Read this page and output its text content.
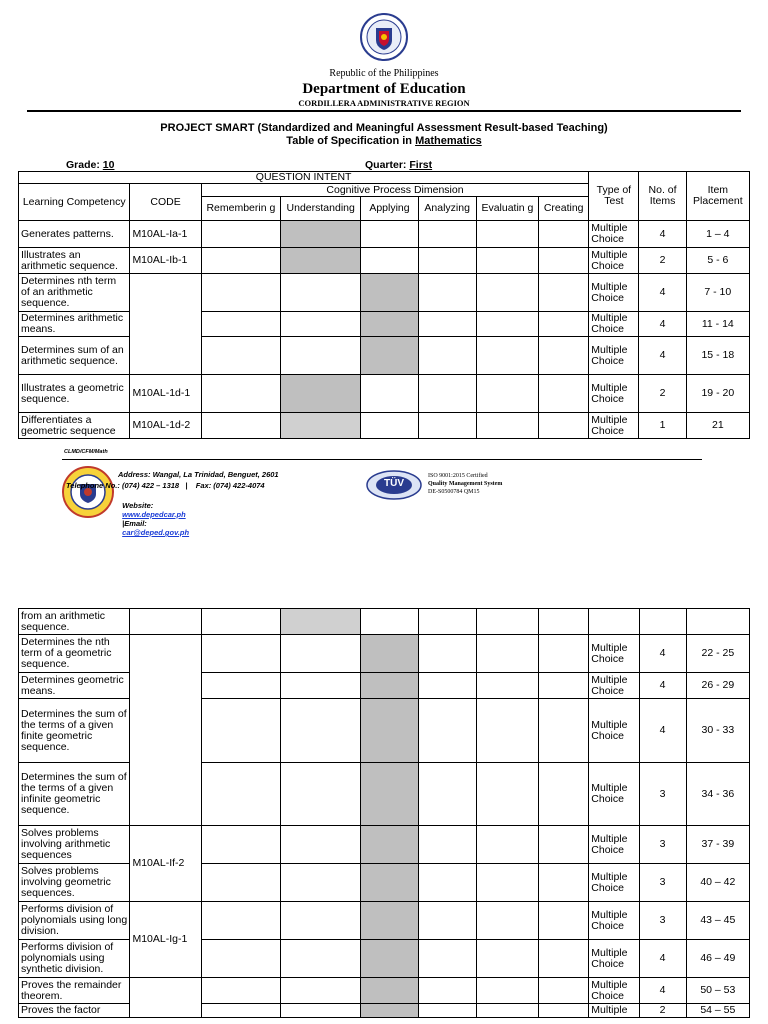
Republic of the Philippines
Department of Education
CORDILLERA ADMINISTRATIVE REGION
PROJECT SMART (Standardized and Meaningful Assessment Result-based Teaching)
Table of Specification in Mathematics
Grade: 10	Quarter: First
QUESTION INTENT								Type of Test	No. of Items	Item Placement
Learning Competency	CODE	Cognitive Process Dimension								
		Rememberin g	Understanding	Applying	Analyzing	Evaluatin g	Creating			
Generates patterns.	M10AL-Ia-1							Multiple Choice	4	1 – 4
Illustrates an arithmetic sequence.	M10AL-Ib-1							Multiple Choice	2	5 - 6
Determines nth term of an arithmetic sequence.								Multiple Choice	4	7 - 10
Determines arithmetic means.								Multiple Choice	4	11 - 14
Determines sum of an arithmetic sequence.								Multiple Choice	4	15 - 18
Illustrates a geometric sequence.	M10AL-1d-1							Multiple Choice	2	19 - 20
Differentiates a geometric sequence	M10AL-1d-2							Multiple Choice	1	21
CLMD/CFM/Math
Address: Wangal, La Trinidad, Benguet, 2601
Telephone No.: (074) 422 – 1318   |    Fax: (074) 422-4074

Website:
www.depedcar.ph
|Email:
car@deped.gov.ph

TÜV
ISO 9001:2015 Certified
Quality Management System
DE-S0500784 QM15
from an arithmetic sequence.										
Determines the nth term of a geometric sequence.								Multiple Choice	4	22 - 25
Determines geometric means.								Multiple Choice	4	26 - 29
Determines the sum of the terms of a given finite geometric sequence.								Multiple Choice	4	30 - 33
Determines the sum of the terms of a given infinite geometric sequence.								Multiple Choice	3	34 - 36
Solves problems involving arithmetic sequences	M10AL-If-2							Multiple Choice	3	37 - 39
Solves problems involving geometric sequences.								Multiple Choice	3	40 – 42
Performs division of polynomials using long division.	M10AL-Ig-1							Multiple Choice	3	43 – 45
Performs division of polynomials using synthetic division.								Multiple Choice	4	46 – 49
Proves the remainder theorem.								Multiple Choice	4	50 – 53
Proves the factor								Multiple	2	54 – 55
